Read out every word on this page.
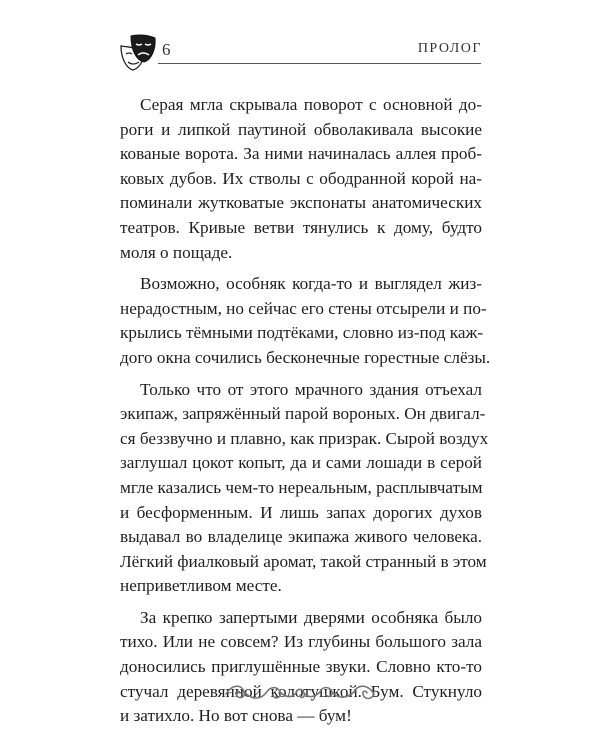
6	ПРОЛОГ
Серая мгла скрывала поворот с основной до-
роги и липкой паутиной обволакивала высокие
кованые ворота. За ними начиналась аллея проб-
ковых дубов. Их стволы с ободранной корой на-
поминали жутковатые экспонаты анатомических
театров. Кривые ветви тянулись к дому, будто
моля о пощаде.
Возможно, особняк когда-то и выглядел жиз-
нерадостным, но сейчас его стены отсырели и по-
крылись тёмными подтёками, словно из-под каж-
дого окна сочились бесконечные горестные слёзы.
Только что от этого мрачного здания отъехал
экипаж, запряжённый парой вороных. Он двигал-
ся беззвучно и плавно, как призрак. Сырой воздух
заглушал цокот копыт, да и сами лошади в серой
мгле казались чем-то нереальным, расплывчатым
и бесформенным. И лишь запах дорогих духов
выдавал во владелице экипажа живого человека.
Лёгкий фиалковый аромат, такой странный в этом
неприветливом месте.
За крепко запертыми дверями особняка было
тихо. Или не совсем? Из глубины большого зала
доносились приглушённые звуки. Словно кто-то
стучал деревянной колотушкой. Бум. Стукнуло
и затихло. Но вот снова — бум!
